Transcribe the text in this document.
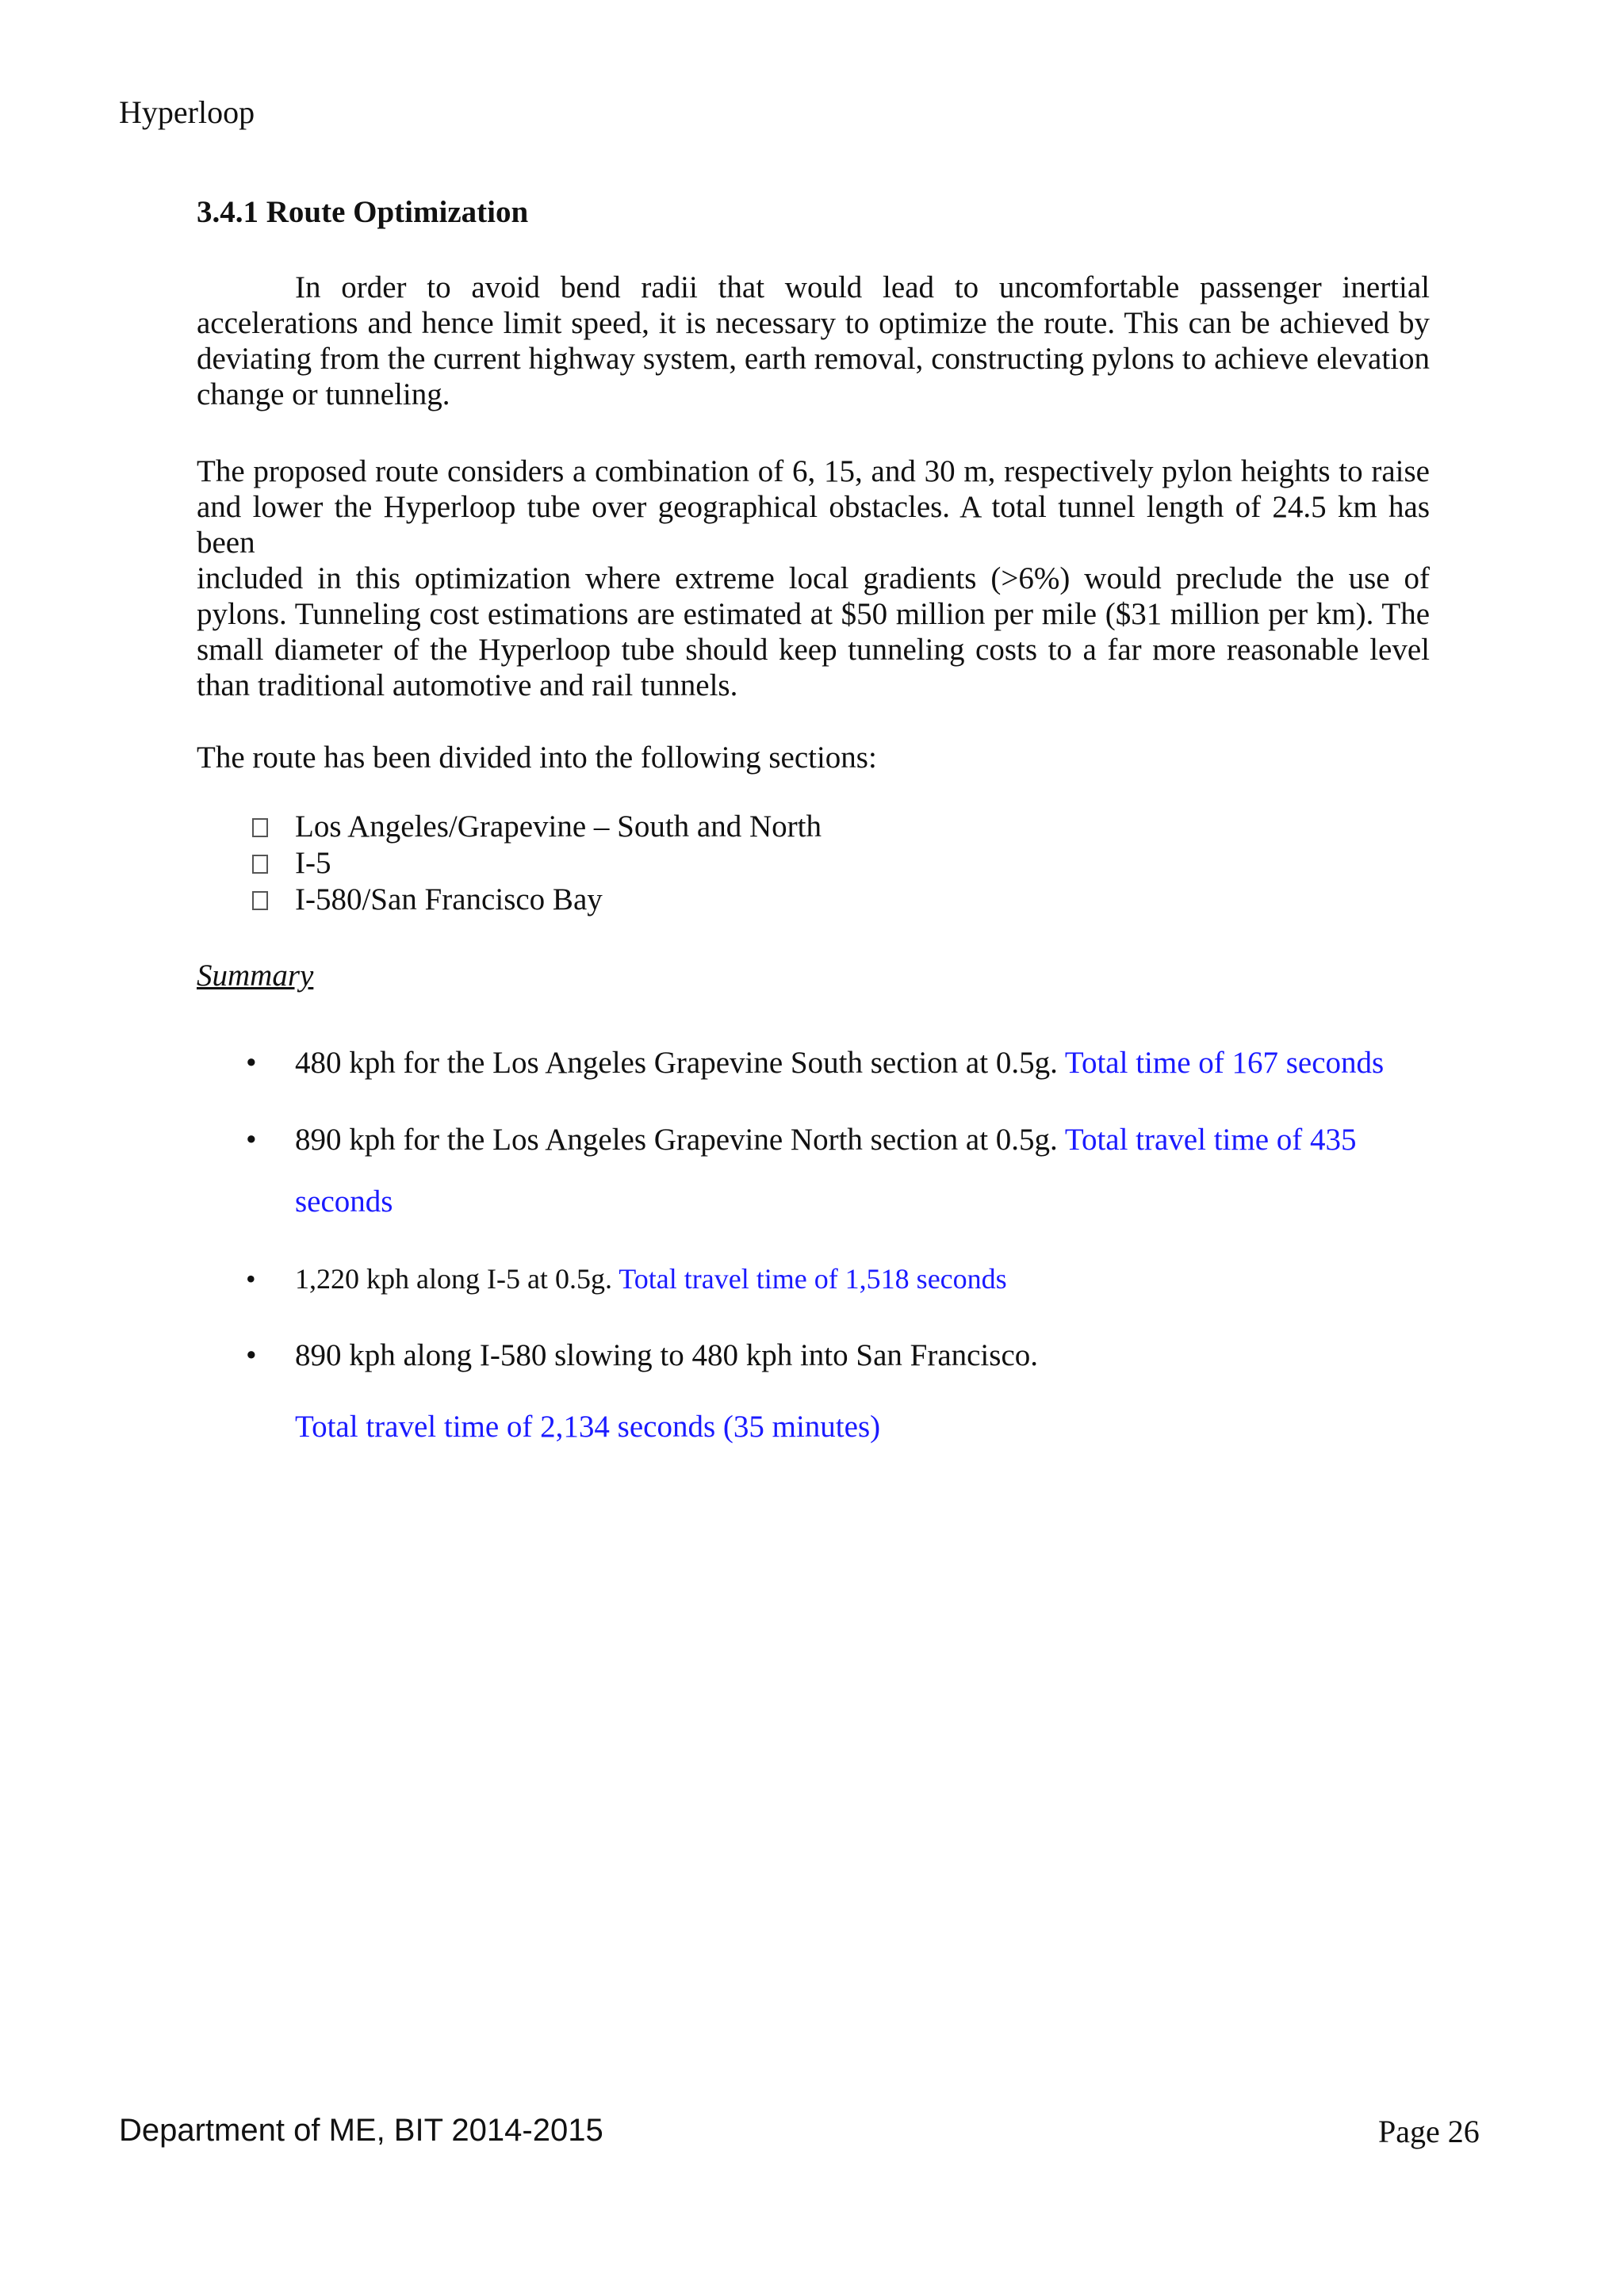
Hyperloop
3.4.1 Route Optimization

In order to avoid bend radii that would lead to uncomfortable passenger inertial accelerations and hence limit speed, it is necessary to optimize the route. This can be achieved by deviating from the current highway system, earth removal, constructing pylons to achieve elevation change or tunneling.

The proposed route considers a combination of 6, 15, and 30 m, respectively pylon heights to raise and lower the Hyperloop tube over geographical obstacles. A total tunnel length of 24.5 km has been

included in this optimization where extreme local gradients (>6%) would preclude the use of pylons. Tunneling cost estimations are estimated at $50 million per mile ($31 million per km). The small diameter of the Hyperloop tube should keep tunneling costs to a far more reasonable level than traditional automotive and rail tunnels.

The route has been divided into the following sections:

Los Angeles/Grapevine – South and North
I-5
I-580/San Francisco Bay
Summary
• 480 kph for the Los Angeles Grapevine South section at 0.5g. Total time of 167 seconds
• 890 kph for the Los Angeles Grapevine North section at 0.5g. Total travel time of 435 seconds
• 1,220 kph along I-5 at 0.5g. Total travel time of 1,518 seconds
• 890 kph along I-580 slowing to 480 kph into San Francisco.
Total travel time of 2,134 seconds (35 minutes)
Department of ME, BIT 2014-2015	Page 26
